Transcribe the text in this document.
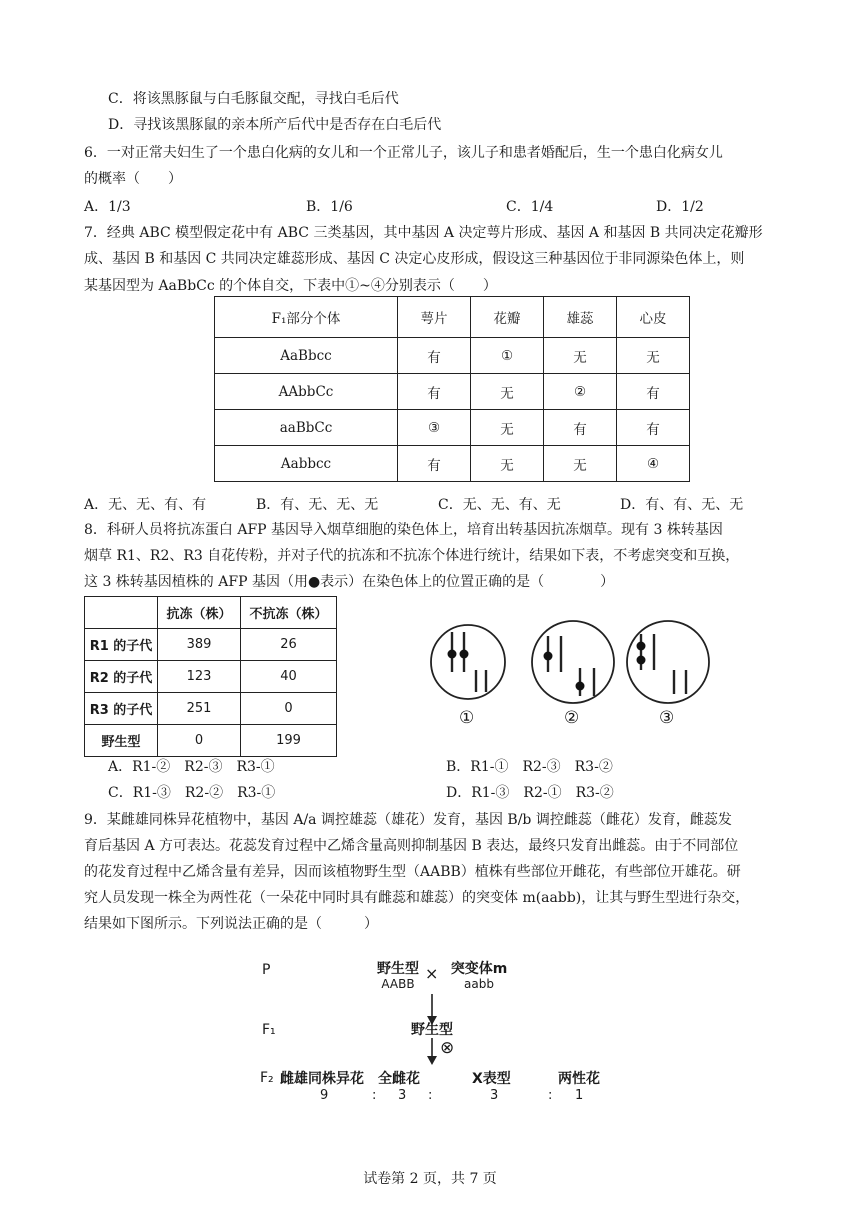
C．将该黑豚鼠与白毛豚鼠交配，寻找白毛后代
D．寻找该黑豚鼠的亲本所产后代中是否存在白毛后代
6．一对正常夫妇生了一个患白化病的女儿和一个正常儿子，该儿子和患者婚配后，生一个患白化病女儿
的概率（　　）
A．1/3	B．1/6	C．1/4	D．1/2
7．经典 ABC 模型假定花中有 ABC 三类基因，其中基因 A 决定萼片形成、基因 A 和基因 B 共同决定花瓣形
成、基因 B 和基因 C 共同决定雄蕊形成、基因 C 决定心皮形成，假设这三种基因位于非同源染色体上，则
某基因型为 AaBbCc 的个体自交，下表中①~④分别表示（　　）
F₁部分个体	萼片	花瓣	雄蕊	心皮
AaBbcc	有	①	无	无
AAbbCc	有	无	②	有
aaBbCc	③	无	有	有
Aabbcc	有	无	无	④
A．无、无、有、有	B．有、无、无、无	C．无、无、有、无	D．有、有、无、无
8．科研人员将抗冻蛋白 AFP 基因导入烟草细胞的染色体上，培育出转基因抗冻烟草。现有 3 株转基因
烟草 R1、R2、R3 自花传粉，并对子代的抗冻和不抗冻个体进行统计，结果如下表，不考虑突变和互换，
这 3 株转基因植株的 AFP 基因（用●表示）在染色体上的位置正确的是（　　　　）
	抗冻（株）	不抗冻（株）
R1 的子代	389	26
R2 的子代	123	40
R3 的子代	251	0
野生型	0	199
①	②	③
A．R1-②　R2-③　R3-①	B．R1-①　R2-③　R3-②
C．R1-③　R2-②　R3-①	D．R1-③　R2-①　R3-②
9．某雌雄同株异花植物中，基因 A/a 调控雄蕊（雄花）发育，基因 B/b 调控雌蕊（雌花）发育，雌蕊发
育后基因 A 方可表达。花蕊发育过程中乙烯含量高则抑制基因 B 表达，最终只发育出雌蕊。由于不同部位
的花发育过程中乙烯含量有差异，因而该植物野生型（AABB）植株有些部位开雌花，有些部位开雄花。研
究人员发现一株全为两性花（一朵花中同时具有雌蕊和雄蕊）的突变体 m(aabb)，让其与野生型进行杂交，
结果如下图所示。下列说法正确的是（　　　）
P	野生型
AABB
× 突变体m
aabb
F₁	野生型
⊗
F₂ 雌雄同株异花 全雌花	X表型	两性花
9	: 3 :	3	: 1
试卷第 2 页，共 7 页
